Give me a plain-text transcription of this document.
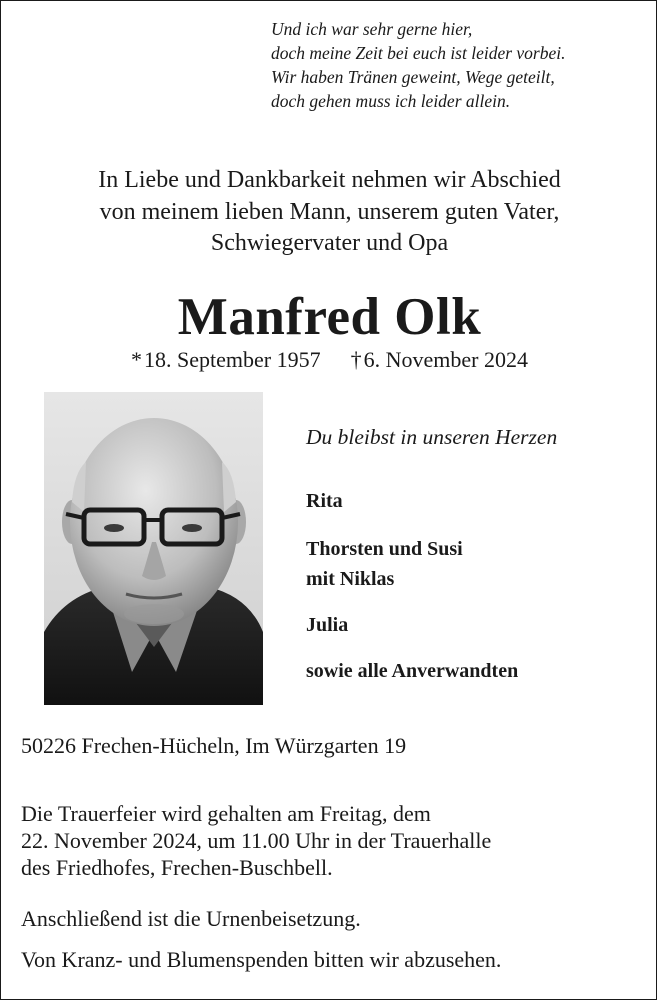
Und ich war sehr gerne hier,
doch meine Zeit bei euch ist leider vorbei.
Wir haben Tränen geweint, Wege geteilt,
doch gehen muss ich leider allein.
In Liebe und Dankbarkeit nehmen wir Abschied
von meinem lieben Mann, unserem guten Vater,
Schwiegervater und Opa
Manfred Olk
*18. September 1957 †6. November 2024
Du bleibst in unseren Herzen
Rita
Thorsten und Susi
mit Niklas
Julia
sowie alle Anverwandten
50226 Frechen-Hücheln, Im Würzgarten 19
Die Trauerfeier wird gehalten am Freitag, dem
22. November 2024, um 11.00 Uhr in der Trauerhalle
des Friedhofes, Frechen-Buschbell.
Anschließend ist die Urnenbeisetzung.
Von Kranz- und Blumenspenden bitten wir abzusehen.
